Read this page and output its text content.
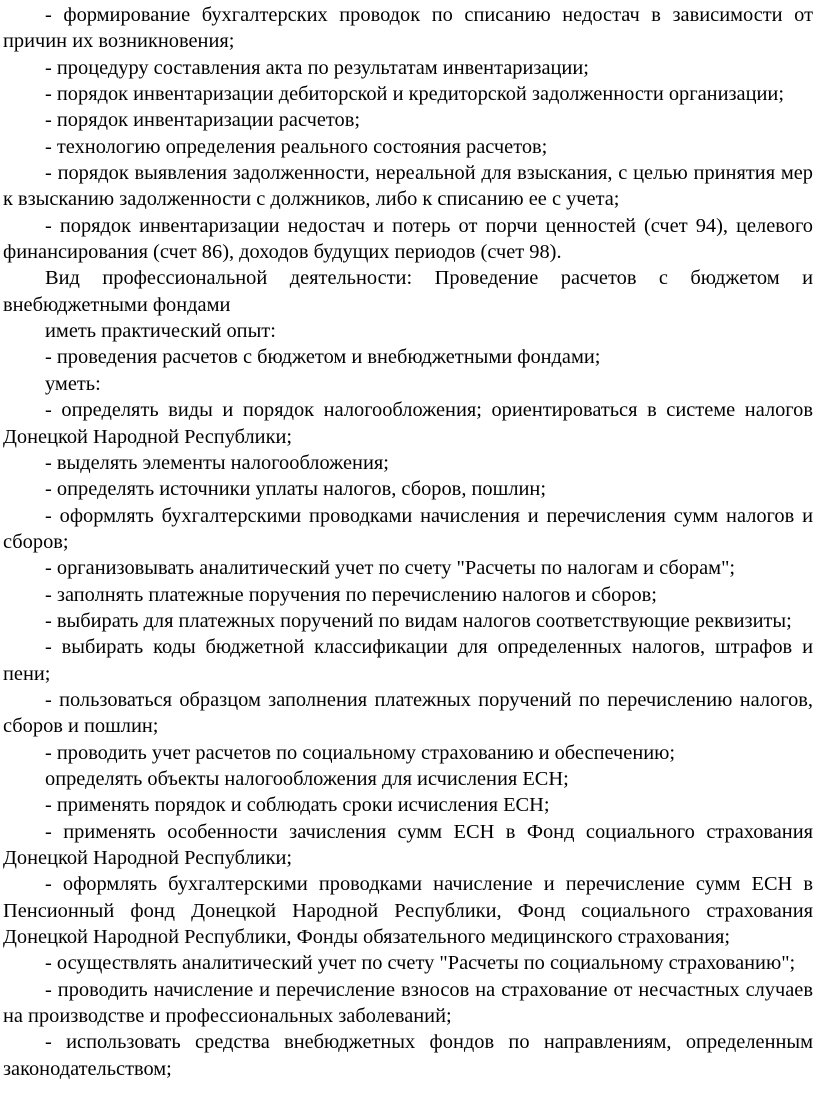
- формирование бухгалтерских проводок по списанию недостач в зависимости от причин их возникновения;

- процедуру составления акта по результатам инвентаризации;

- порядок инвентаризации дебиторской и кредиторской задолженности организации;

- порядок инвентаризации расчетов;

- технологию определения реального состояния расчетов;

- порядок выявления задолженности, нереальной для взыскания, с целью принятия мер к взысканию задолженности с должников, либо к списанию ее с учета;

- порядок инвентаризации недостач и потерь от порчи ценностей (счет 94), целевого финансирования (счет 86), доходов будущих периодов (счет 98).

Вид профессиональной деятельности: Проведение расчетов с бюджетом и внебюджетными фондами

иметь практический опыт:

- проведения расчетов с бюджетом и внебюджетными фондами;

уметь:

- определять виды и порядок налогообложения; ориентироваться в системе налогов Донецкой Народной Республики;

- выделять элементы налогообложения;

- определять источники уплаты налогов, сборов, пошлин;

- оформлять бухгалтерскими проводками начисления и перечисления сумм налогов и сборов;

- организовывать аналитический учет по счету "Расчеты по налогам и сборам";

- заполнять платежные поручения по перечислению налогов и сборов;

- выбирать для платежных поручений по видам налогов соответствующие реквизиты;

- выбирать коды бюджетной классификации для определенных налогов, штрафов и пени;

- пользоваться образцом заполнения платежных поручений по перечислению налогов, сборов и пошлин;

- проводить учет расчетов по социальному страхованию и обеспечению;

определять объекты налогообложения для исчисления ЕСН;

- применять порядок и соблюдать сроки исчисления ЕСН;

- применять особенности зачисления сумм ЕСН в Фонд социального страхования Донецкой Народной Республики;

- оформлять бухгалтерскими проводками начисление и перечисление сумм ЕСН в Пенсионный фонд Донецкой Народной Республики, Фонд социального страхования Донецкой Народной Республики, Фонды обязательного медицинского страхования;

- осуществлять аналитический учет по счету "Расчеты по социальному страхованию";

- проводить начисление и перечисление взносов на страхование от несчастных случаев на производстве и профессиональных заболеваний;

- использовать средства внебюджетных фондов по направлениям, определенным законодательством;
